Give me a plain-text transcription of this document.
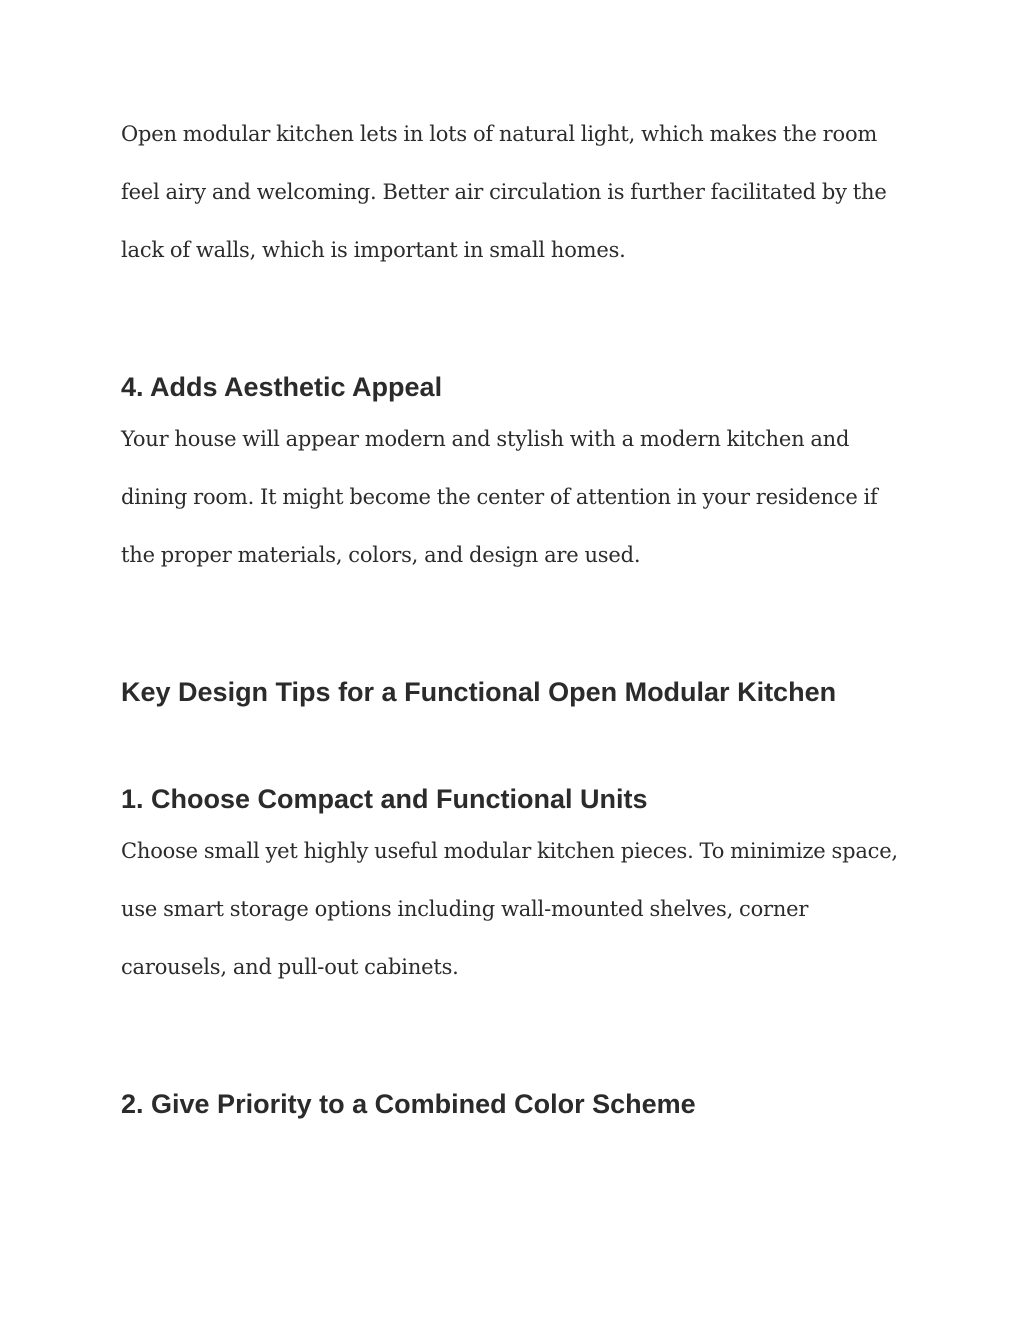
Open modular kitchen lets in lots of natural light, which makes the room
feel airy and welcoming. Better air circulation is further facilitated by the
lack of walls, which is important in small homes.

4. Adds Aesthetic Appeal

Your house will appear modern and stylish with a modern kitchen and
dining room. It might become the center of attention in your residence if
the proper materials, colors, and design are used.

Key Design Tips for a Functional Open Modular Kitchen
1. Choose Compact and Functional Units

Choose small yet highly useful modular kitchen pieces. To minimize space,
use smart storage options including wall-mounted shelves, corner
carousels, and pull-out cabinets.

2. Give Priority to a Combined Color Scheme
